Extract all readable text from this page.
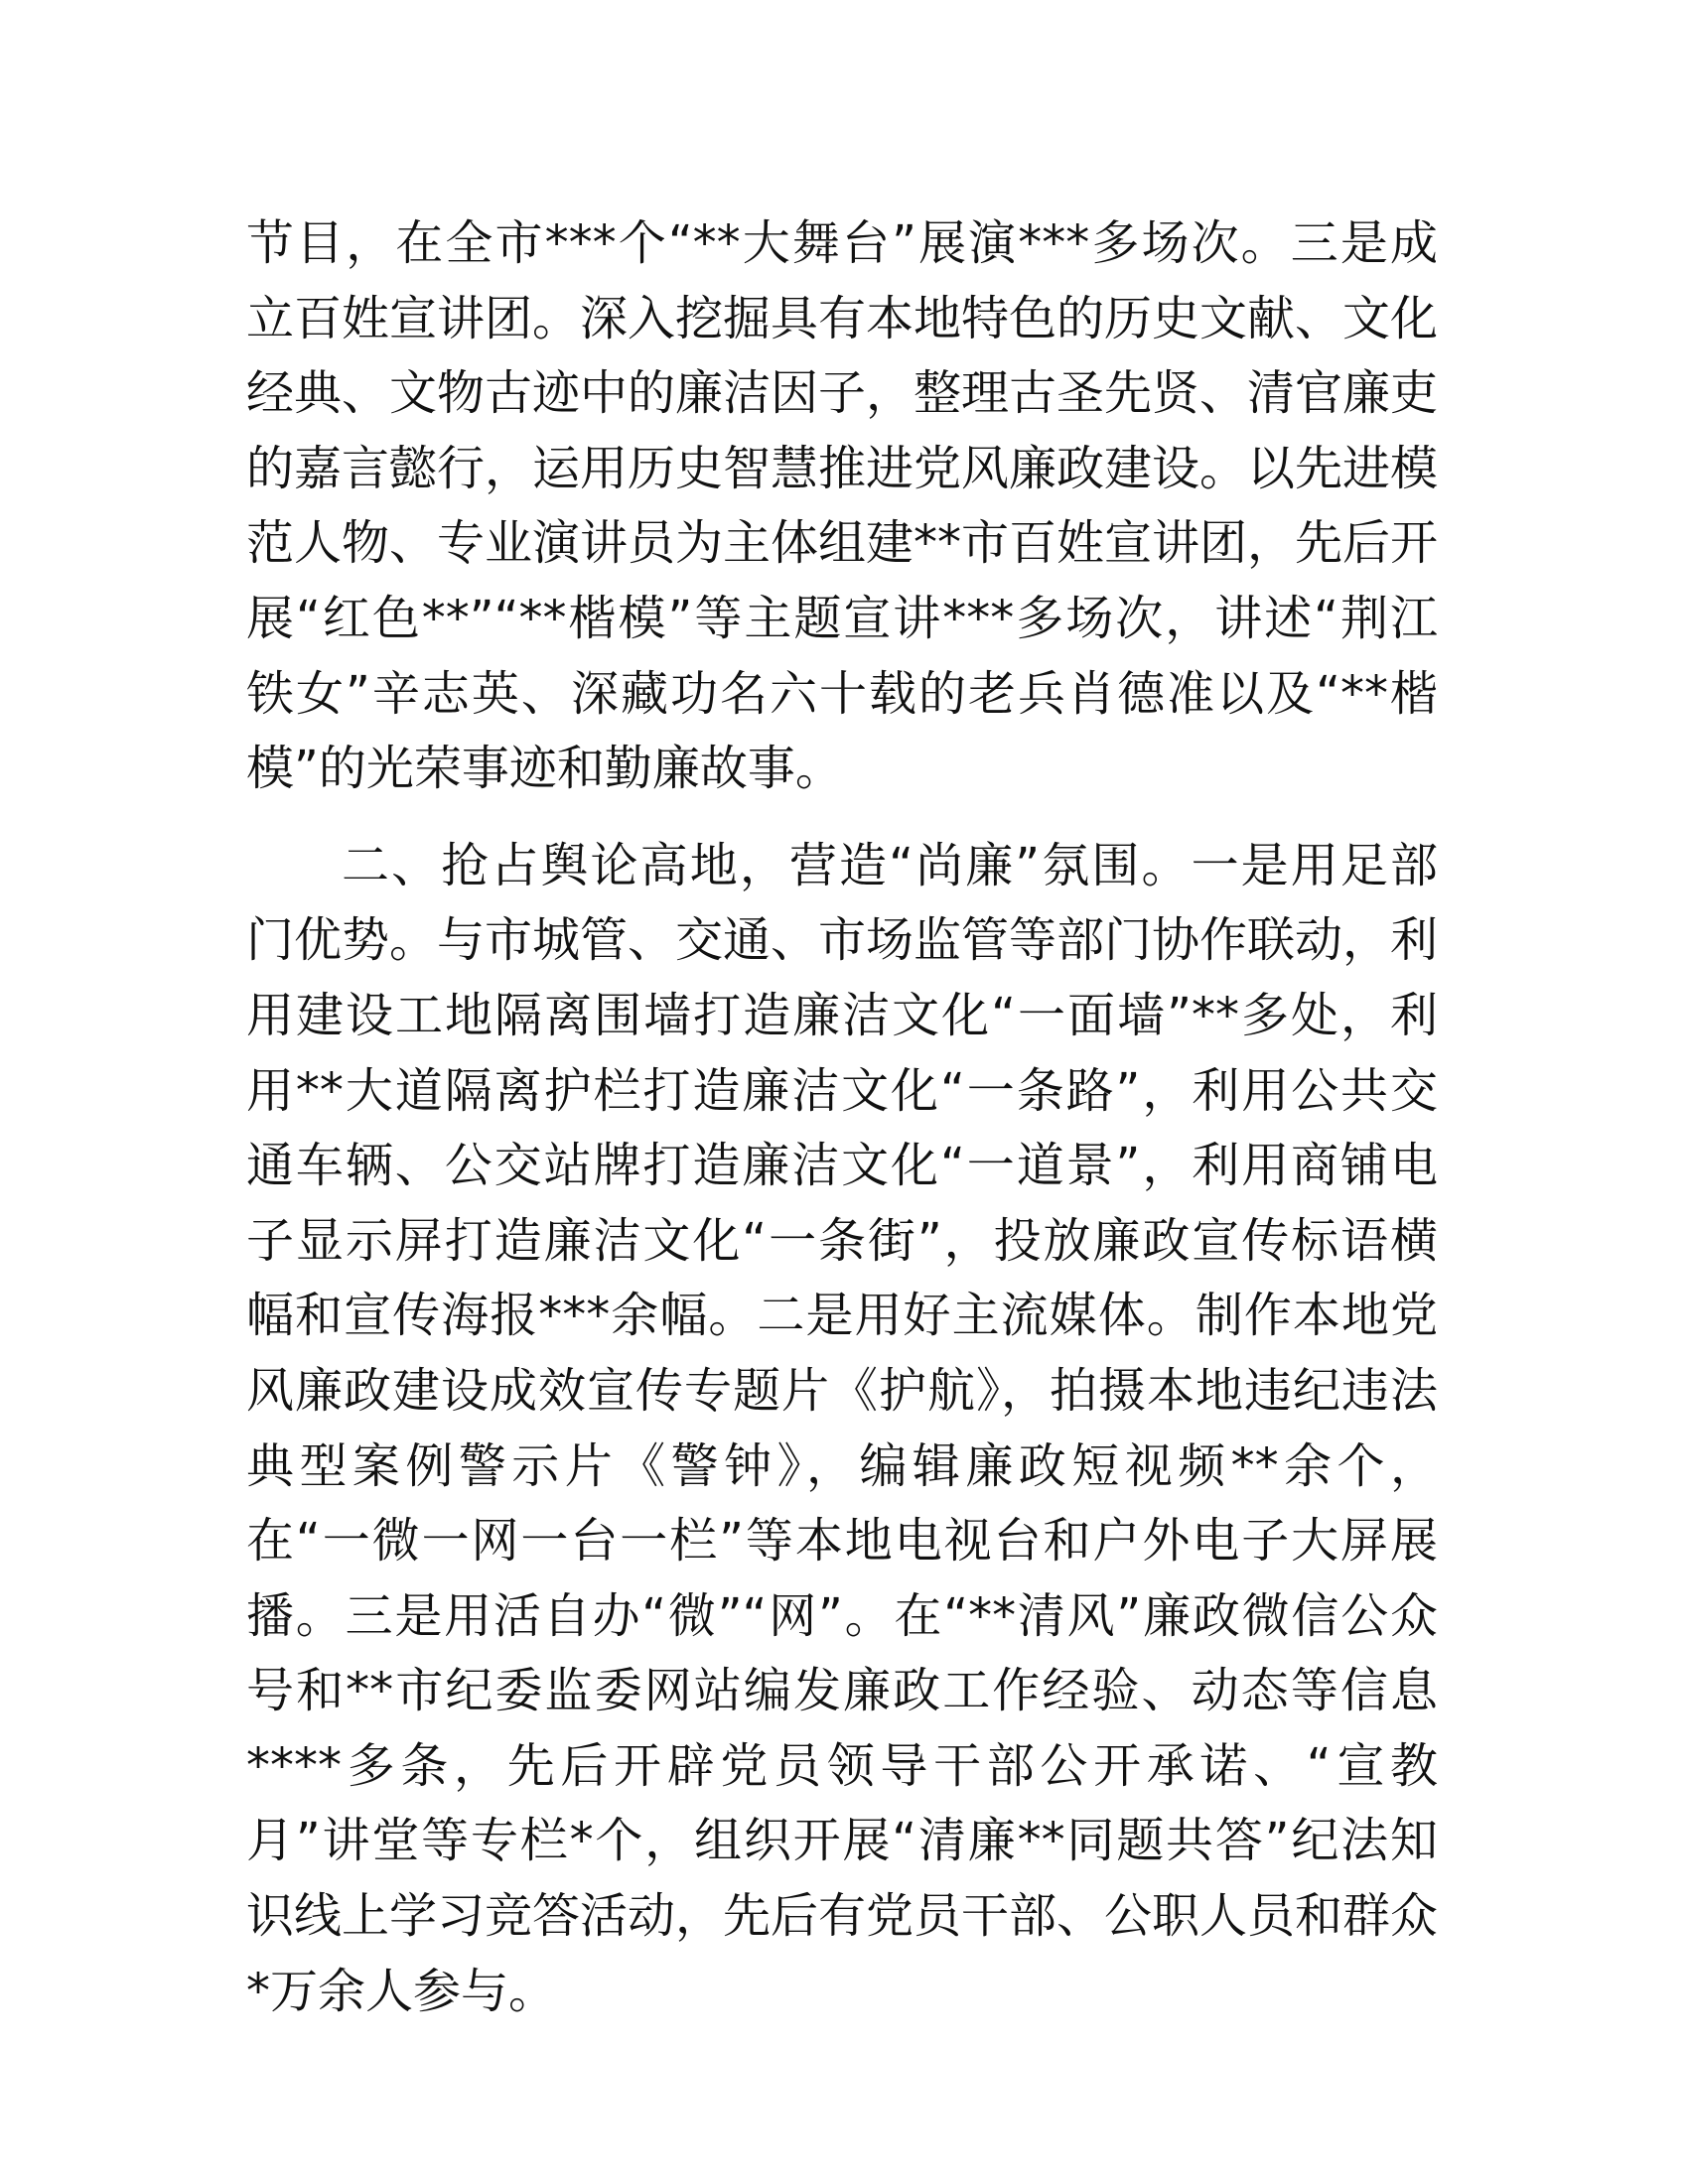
节目，在全市***个“**大舞台”展演***多场次。三是成立百姓宣讲团。深入挖掘具有本地特色的历史文献、文化经典、文物古迹中的廉洁因子，整理古圣先贤、清官廉吏的嘉言懿行，运用历史智慧推进党风廉政建设。以先进模范人物、专业演讲员为主体组建**市百姓宣讲团，先后开展“红色**”“**楷模”等主题宣讲***多场次，讲述“荆江铁女”辛志英、深藏功名六十载的老兵肖德准以及“**楷模”的光荣事迹和勤廉故事。

二、抢占舆论高地，营造“尚廉”氛围。一是用足部门优势。与市城管、交通、市场监管等部门协作联动，利用建设工地隔离围墙打造廉洁文化“一面墙”**多处，利用**大道隔离护栏打造廉洁文化“一条路”，利用公共交通车辆、公交站牌打造廉洁文化“一道景”，利用商铺电子显示屏打造廉洁文化“一条街”，投放廉政宣传标语横幅和宣传海报***余幅。二是用好主流媒体。制作本地党风廉政建设成效宣传专题片《护航》，拍摄本地违纪违法典型案例警示片《警钟》，编辑廉政短视频**余个，在“一微一网一台一栏”等本地电视台和户外电子大屏展播。三是用活自办“微”“网”。在“**清风”廉政微信公众号和**市纪委监委网站编发廉政工作经验、动态等信息****多条，先后开辟党员领导干部公开承诺、“宣教月”讲堂等专栏*个，组织开展“清廉**同题共答”纪法知识线上学习竞答活动，先后有党员干部、公职人员和群众*万余人参与。
